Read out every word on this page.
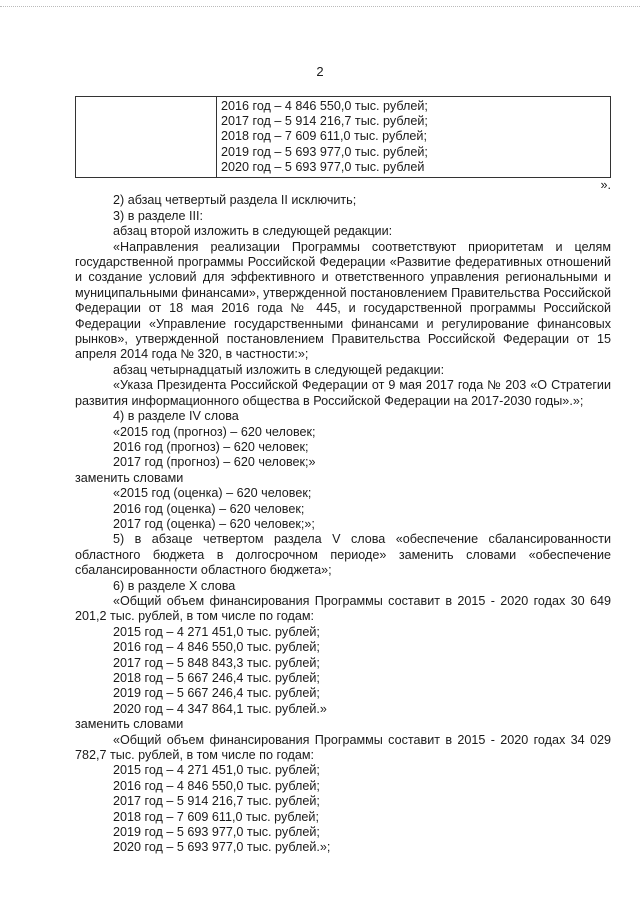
2

2016 год – 4 846 550,0 тыс. рублей;
2017 год – 5 914 216,7 тыс. рублей;
2018 год – 7 609 611,0 тыс. рублей;
2019 год – 5 693 977,0 тыс. рублей;
2020 год – 5 693 977,0 тыс. рублей

».

2) абзац четвертый раздела II исключить;

3) в разделе III:

абзац второй изложить в следующей редакции:

«Направления реализации Программы соответствуют приоритетам и целям государственной программы Российской Федерации «Развитие федеративных отношений и создание условий для эффективного и ответственного управления региональными и муниципальными финансами», утвержденной постановлением Правительства Российской Федерации от 18 мая 2016 года № 445, и государственной программы Российской Федерации «Управление государственными финансами и регулирование финансовых рынков», утвержденной постановлением Правительства Российской Федерации от 15 апреля 2014 года № 320, в частности:»;

абзац четырнадцатый изложить в следующей редакции:

«Указа Президента Российской Федерации от 9 мая 2017 года № 203 «О Стратегии развития информационного общества в Российской Федерации на 2017-2030 годы».»;

4) в разделе IV слова

«2015 год (прогноз) – 620 человек;

2016 год (прогноз) – 620 человек;

2017 год (прогноз) – 620 человек;»

заменить словами

«2015 год (оценка) – 620 человек;

2016 год (оценка) – 620 человек;

2017 год (оценка) – 620 человек;»;

5) в абзаце четвертом раздела V слова «обеспечение сбалансированности областного бюджета в долгосрочном периоде» заменить словами «обеспечение сбалансированности областного бюджета»;

6) в разделе X слова

«Общий объем финансирования Программы составит в 2015 - 2020 годах 30 649 201,2 тыс. рублей, в том числе по годам:

2015 год – 4 271 451,0 тыс. рублей;

2016 год – 4 846 550,0 тыс. рублей;

2017 год – 5 848 843,3 тыс. рублей;

2018 год – 5 667 246,4 тыс. рублей;

2019 год – 5 667 246,4 тыс. рублей;

2020 год – 4 347 864,1 тыс. рублей.»

заменить словами

«Общий объем финансирования Программы составит в 2015 - 2020 годах 34 029 782,7 тыс. рублей, в том числе по годам:

2015 год – 4 271 451,0 тыс. рублей;

2016 год – 4 846 550,0 тыс. рублей;

2017 год – 5 914 216,7 тыс. рублей;

2018 год – 7 609 611,0 тыс. рублей;

2019 год – 5 693 977,0 тыс. рублей;

2020 год – 5 693 977,0 тыс. рублей.»;
